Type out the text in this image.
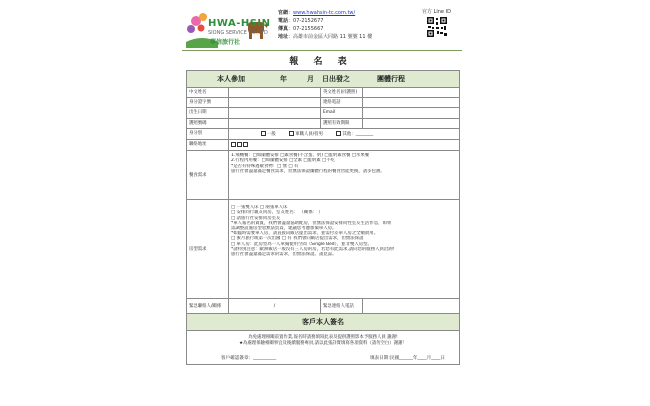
HWA-HSIN
SIONG SERVICE CO.,LTD
華信旅行社
官網：www.hwahsin-tc.com.tw/
電話：07-2152677
傳真：07-2155667
地址：高雄市前金區大同路 11 號號 11 樓
官方 Line ID
報 名 表
本人參加	年	月 日出發之	團體行程
中文姓名	英文姓名(同護照)
身分證字號	連絡電話
出生日期	Email
護照號碼	護照有效期限
身分別	一般	軍職人員/役男	其他：________
聯絡地址
餐食需求
1.飛機餐：□如團體安排 □素食餐(不含蛋、奶) □蛋奶素食餐 □水果餐
2.行程內用餐：□如團體安排 □全素 □蛋奶素 □不吃
*是否有特殊過敏食物：□ 無 □ 有
旅行社會盡量滿足餐食需求，但無法保證團體行程的餐食皆能更換，請多包涵。
房型需求
□ 一張雙人床 □ 兩張單人床
□ 安排同行親友同房，室友姓名： （關係： ）
□ 請旅行社安排同房室友
*單人報名的貴賓，我們會盡量協助配房，但無法保證安排同性室友生活作息，如果
需調整設施房型恕無法負責，建議您考慮加價單人房。
*如臨時需要單人房，請直接向飯店提出需求，並需付差單人房之全額費用。
□ 蜜月旅行或第一次出國 □ 有 我們會向飯店提出需求，但無法保證
□ 單人房：此房型為一人單獨使用空間（Single Bed），並非雙人房型。
*請特別注意：歐洲飯店一般沒有三人房的房，若您有此需求,請向您的服務人員洽詢!
旅行社會盡量滿足需求的需求，但無法保證。請見諒。
緊急聯絡人/關係	/	緊急連絡人電話
客戶本人簽名
為免處理相關前置作業,報名時請務填寫此表及提供護照影本予服務人員 謝謝!
★為處理保險相關事宜及後續服務專員,請以此張詳實填寫各項資料（請勿空白）謝謝！
客戶確認簽章：__________	填表日期:民國______年____月____日
